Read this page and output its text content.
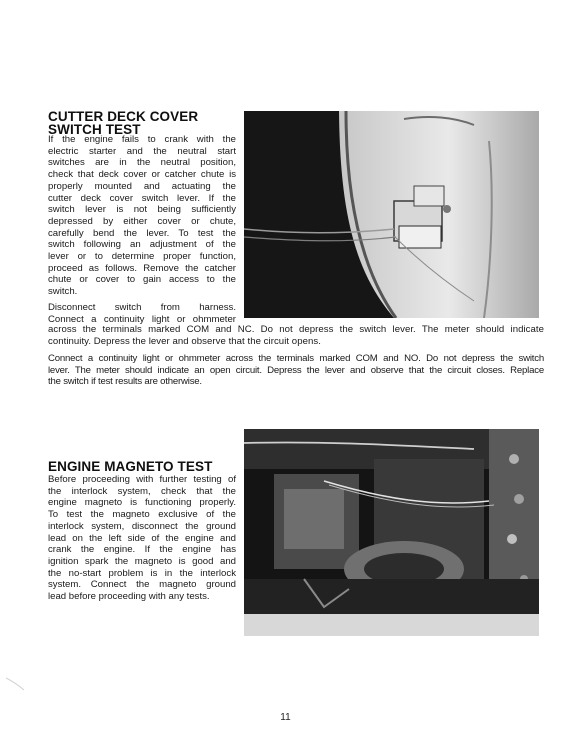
CUTTER DECK COVER
SWITCH TEST
If the engine fails to crank with the
electric starter and the neutral start
switches are in the neutral position,
check that deck cover or catcher chute is
properly mounted and actuating the
cutter deck cover switch lever. If the
switch lever is not being sufficiently
depressed by either cover or chute,
carefully bend the lever. To test the
switch following an adjustment of the
lever or to determine proper function,
proceed as follows. Remove the catcher
chute or cover to gain access to the
switch.
Disconnect switch from harness.
Connect a continuity light or ohmmeter
across the terminals marked COM and NC. Do not depress the switch lever. The meter should indicate
continuity. Depress the lever and observe that the circuit opens.
Connect a continuity light or ohmmeter across the terminals marked COM and NO. Do not depress the switch
lever. The meter should indicate an open circuit. Depress the lever and observe that the circuit closes. Replace
the switch if test results are otherwise.
ENGINE MAGNETO TEST
Before proceeding with further testing of
the interlock system, check that the
engine magneto is functioning properly.
To test the magneto exclusive of the
interlock system, disconnect the ground
lead on the left side of the engine and
crank the engine. If the engine has
ignition spark the magneto is good and
the no-start problem is in the interlock
system. Connect the magneto ground
lead before proceeding with any tests.
11
